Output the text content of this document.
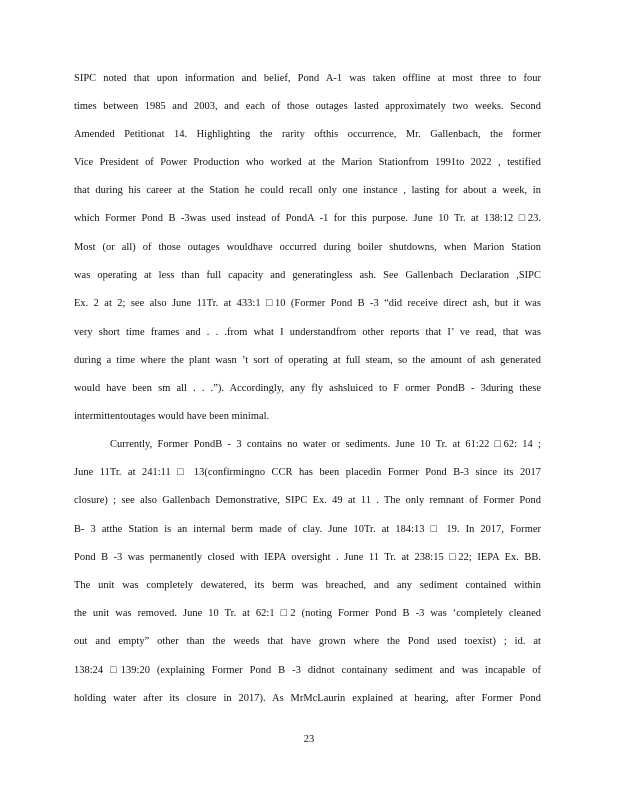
SIPC noted that upon information and belief, Pond A-1 was taken offline at most three to four
times between 1985 and 2003, and each of those outages lasted approximately two weeks. Second
Amended Petitionat 14. Highlighting the rarity ofthis occurrence, Mr. Gallenbach, the former
Vice President of Power Production who worked at the Marion Stationfrom 1991to 2022 , testified
that during his career at the Station he could recall only one instance , lasting for about a week, in
which Former Pond B -3was used instead of PondA -1 for this purpose. June 10 Tr. at 138:12 □23.
Most (or all) of those outages wouldhave occurred during boiler shutdowns, when Marion Station
was operating at less than full capacity and generatingless ash. See Gallenbach Declaration ,SIPC
Ex. 2 at 2; see also June 11Tr. at 433:1 □10 (Former Pond B -3 “did receive direct ash, but it was
very short time frames and . . .from what I understandfrom other reports that I’ ve read, that was
during a time where the plant wasn ’t sort of operating at full steam, so the amount of ash generated
would have been sm all . . .”). Accordingly, any fly ashsluiced to F ormer PondB - 3during these
intermittentoutages would have been minimal.
Currently, Former PondB - 3 contains no water or sediments. June 10 Tr. at 61:22 □62: 14 ;
June 11Tr. at 241:11 □ 13(confirmingno CCR has been placedin Former Pond B-3 since its 2017
closure) ; see also Gallenbach Demonstrative, SIPC Ex. 49 at 11 . The only remnant of Former Pond
B- 3 atthe Station is an internal berm made of clay. June 10Tr. at 184:13 □ 19. In 2017, Former
Pond B -3 was permanently closed with IEPA oversight . June 11 Tr. at 238:15 □22; IEPA Ex. BB.
The unit was completely dewatered, its berm was breached, and any sediment contained within
the unit was removed. June 10 Tr. at 62:1 □2 (noting Former Pond B -3 was ‘completely cleaned
out and empty” other than the weeds that have grown where the Pond used toexist) ; id. at
138:24 □139:20 (explaining Former Pond B -3 didnot containany sediment and was incapable of
holding water after its closure in 2017). As MrMcLaurin explained at hearing, after Former Pond
23
